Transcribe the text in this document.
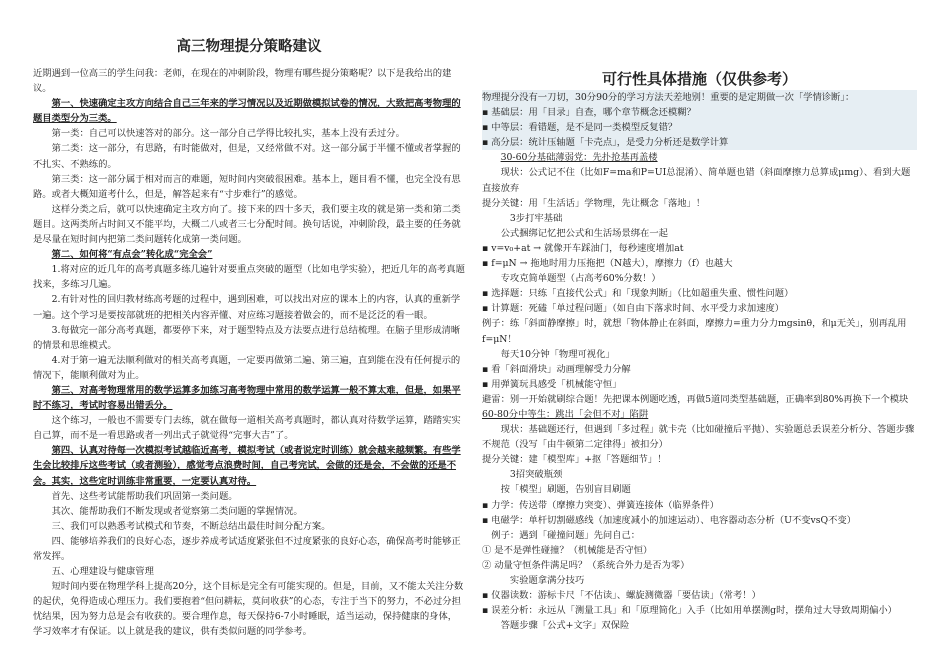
高三物理提分策略建议

近期遇到一位高三的学生问我：老师，在现在的冲刺阶段，物理有哪些提分策略呢？以下是我给出的建议。

第一、快速确定主攻方向结合自己三年来的学习情况以及近期做模拟试卷的情况，大致把高考物理的题目类型分为三类。

第一类：自己可以快速答对的部分。这一部分自己学得比较扎实，基本上没有丢过分。

第二类：这一部分，有思路，有时能做对，但是，又经常做不对。这一部分属于半懂不懂或者掌握的不扎实、不熟练的。

第三类：这一部分属于相对而言的难题，短时间内突破很困难。基本上，题目看不懂，也完全没有思路。或者大概知道考什么，但是，解答起来有“寸步难行”的感觉。

这样分类之后，就可以快速确定主攻方向了。接下来的四十多天，我们要主攻的就是第一类和第二类题目。这两类所占时间又不能平均，大概二八或者三七分配时间。换句话说，冲刺阶段，最主要的任务就是尽量在短时间内把第二类问题转化成第一类问题。

第二、如何将“有点会”转化成“完全会”

1.将对应的近几年的高考真题多练几遍针对要重点突破的题型（比如电学实验），把近几年的高考真题找来，多练习几遍。

2.有针对性的回归教材练高考题的过程中，遇到困难，可以找出对应的课本上的内容，认真的重新学一遍。这个学习是要按部就班的把相关内容弄懂、对应练习题接着做会的，而不是泛泛的看一眼。

3.每做完一部分高考真题，都要停下来，对于题型特点及方法要点进行总结梳理。在脑子里形成清晰的情景和思维模式。

4.对于第一遍无法顺利做对的相关高考真题，一定要再做第二遍、第三遍，直到能在没有任何提示的情况下，能顺利做对为止。

第三、对高考物理常用的数学运算多加练习高考物理中常用的数学运算一般不算太难，但是，如果平时不练习，考试时容易出错丢分。

这个练习，一般也不需要专门去练，就在做每一道相关高考真题时，都认真对待数学运算，踏踏实实自己算，而不是一看思路或者一列出式子就觉得“完事大吉”了。

第四、认真对待每一次模拟考试越临近高考，模拟考试（或者说定时训练）就会越来越频繁。有些学生会比较排斥这些考试（或者测验），感觉考点浪费时间，自己考完试，会做的还是会，不会做的还是不会。其实，这些定时训练非常重要，一定要认真对待。

首先、这些考试能帮助我们巩固第一类问题。

其次、能帮助我们不断发现或者觉察第二类问题的掌握情况。

三、我们可以熟悉考试模式和节奏，不断总结出最佳时间分配方案。

四、能够培养我们的良好心态，逐步养成考试适度紧张但不过度紧张的良好心态，确保高考时能够正常发挥。

五、心理建设与健康管理

短时间内要在物理学科上提高20分，这个目标是完全有可能实现的。但是，目前，又不能太关注分数的起伏，免得造成心理压力。我们要抱着“但问耕耘，莫问收获”的心态，专注于当下的努力，不必过分担忧结果，因为努力总是会有收获的。要合理作息，每天保持6-7小时睡眠，适当运动，保持健康的身体，学习效率才有保证。以上就是我的建议，供有类似问题的同学参考。

可行性具体措施（仅供参考）

物理提分没有一刀切，30分90分的学习方法天差地别！重要的是定期做一次「学情诊断」：

▪ 基础层：用「目录」自查，哪个章节概念还模糊？

▪ 中等层：看错题，是不是同一类模型反复错？

▪ 高分层：统计压轴题「卡壳点」，是受力分析还是数学计算

30-60分基础薄弱党：先扑抢基再盖楼

现状：公式记不住（比如F=ma和P=UI总混淆）、简单题也错（斜面摩擦力总算成μmg）、看到大题直接放弃

提分关键：用「生活话」学物理，先让概念「落地」！

3步打牢基础

公式捆绑记忆把公式和生活场景绑在一起

▪ v=v₀+at → 就像开车踩油门，每秒速度增加at

▪ f=μN → 拖地时用力压拖把（N越大），摩擦力（f）也越大

专攻克简单题型（占高考60%分数！）

▪ 选择题：只练「直接代公式」和「现象判断」（比如超重失重、惯性问题）

▪ 计算题：死磕「单过程问题」（如自由下落求时间、水平受力求加速度）

例子：练「斜面静摩擦」时，就想「物体静止在斜面，摩擦力=重力分力mgsinθ，和μ无关」，别再乱用f=μN！

每天10分钟「物理可视化」

▪ 看「斜面滑块」动画理解受力分解

▪ 用弹簧玩具感受「机械能守恒」

避雷：别一开始就刷综合题！先把课本例题吃透，再做5道同类型基础题，正确率到80%再换下一个模块

60-80分中等生：跳出「会但不对」陷阱

现状：基础题还行，但遇到「多过程」就卡壳（比如碰撞后平抛）、实验题总丢误差分析分、答题步骤不规范（没写「由牛顿第二定律得」被扣分）

提分关键：建「模型库」+抠「答题细节」！

3招突破瓶颈

按「模型」刷题，告别盲目刷题

▪ 力学：传送带（摩擦力突变）、弹簧连接体（临界条件）

▪ 电磁学：单杆切割磁感线（加速度减小的加速运动）、电容器动态分析（U不变vsQ不变）

例子：遇到「碰撞问题」先问自己：

① 是不是弹性碰撞？（机械能是否守恒）

② 动量守恒条件满足吗？（系统合外力是否为零）

实验题拿满分技巧

▪ 仪器读数：游标卡尺「不估读」、螺旋测微器「要估读」（常考！）

▪ 误差分析：永远从「测量工具」和「原理简化」入手（比如用单摆测g时，摆角过大导致周期偏小）

答题步骤「公式+文字」双保险
